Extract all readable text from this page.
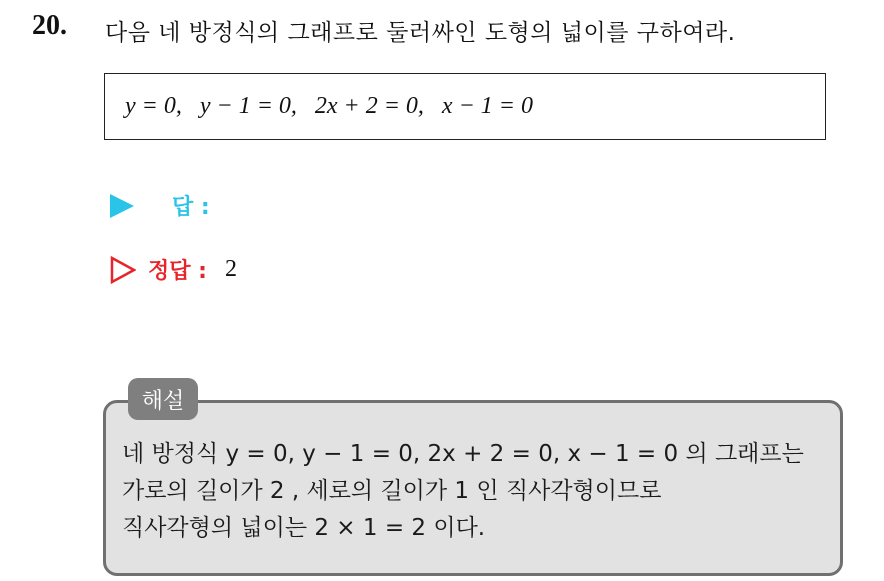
20. 다음 네 방정식의 그래프로 둘러싸인 도형의 넓이를 구하여라.
y = 0,   y − 1 = 0,   2x + 2 = 0,   x − 1 = 0
답 :
정답 : 2
해설
네 방정식 y = 0, y − 1 = 0, 2x + 2 = 0, x − 1 = 0 의 그래프는
가로의 길이가 2 , 세로의 길이가 1 인 직사각형이므로
직사각형의 넓이는 2 × 1 = 2 이다.
